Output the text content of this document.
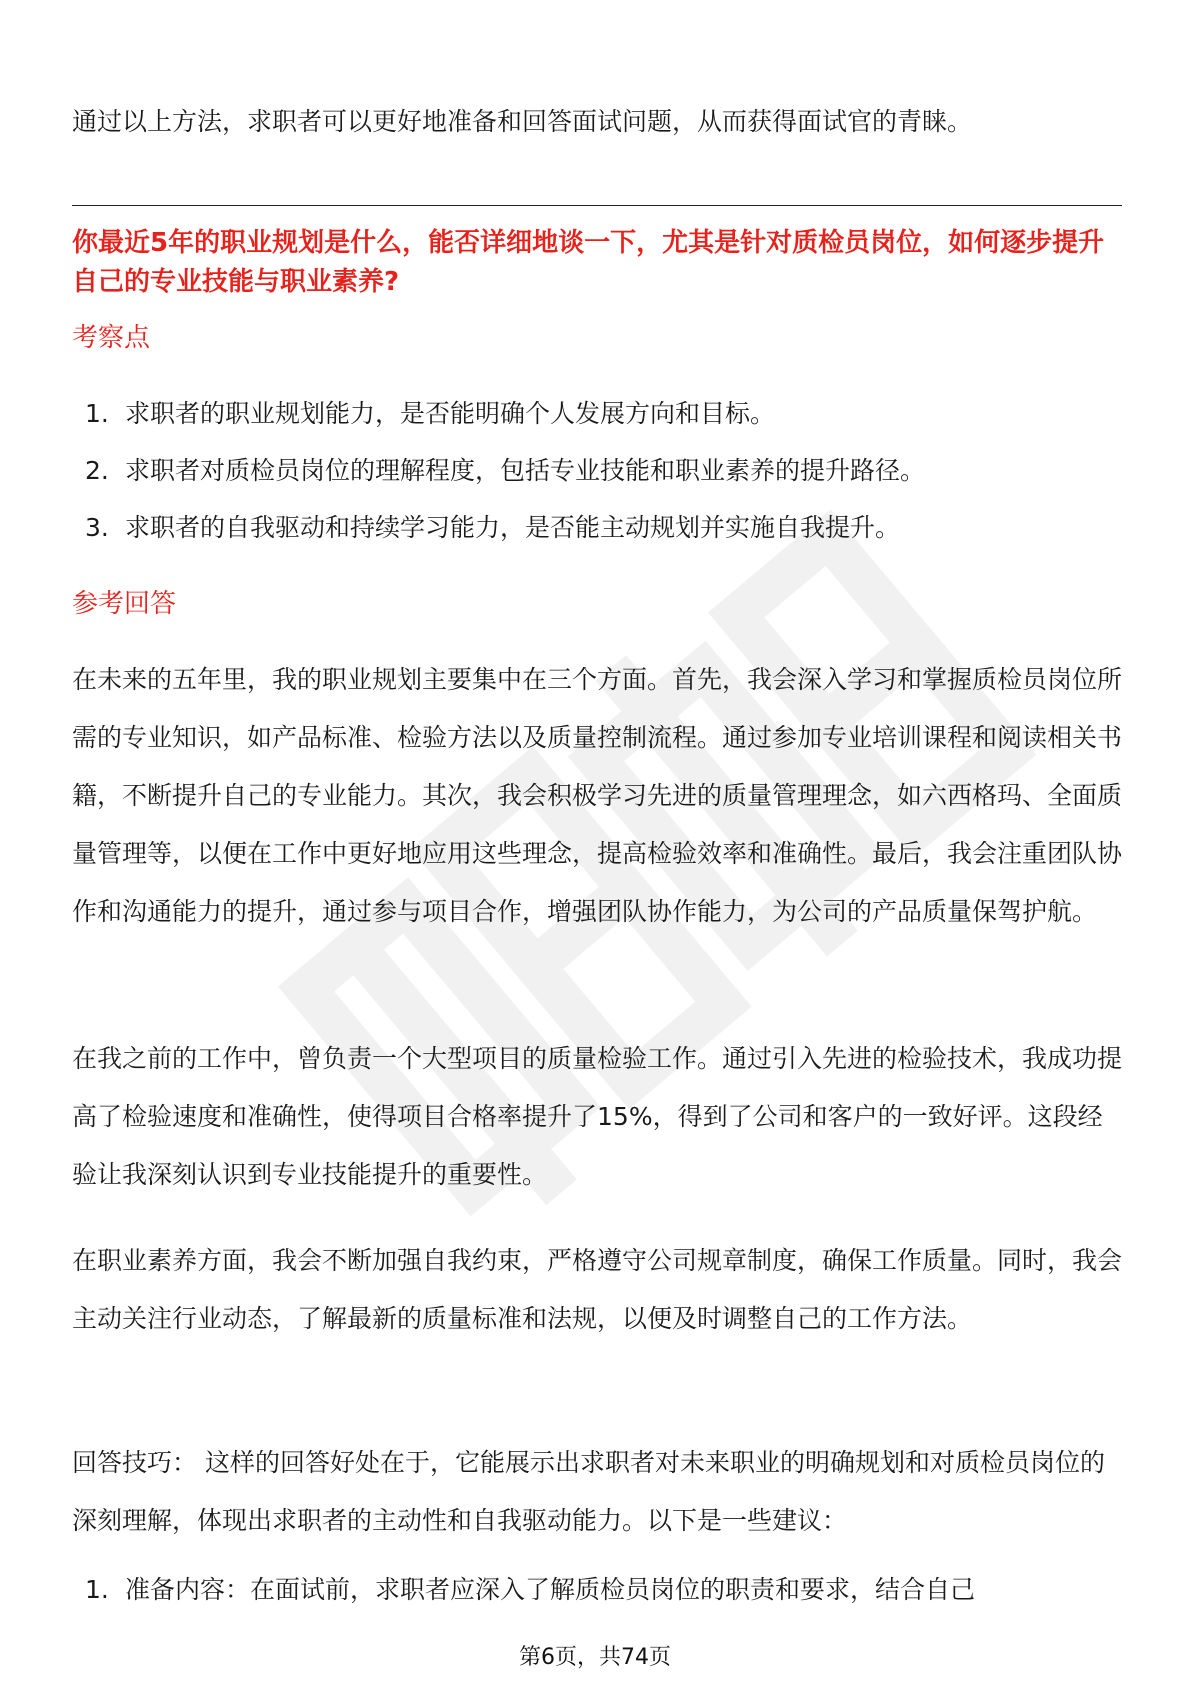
通过以上方法，求职者可以更好地准备和回答面试问题，从而获得面试官的青睐。
你最近5年的职业规划是什么，能否详细地谈一下，尤其是针对质检员岗位，如何逐步提升自己的专业技能与职业素养?
考察点
1. 求职者的职业规划能力，是否能明确个人发展方向和目标。
2. 求职者对质检员岗位的理解程度，包括专业技能和职业素养的提升路径。
3. 求职者的自我驱动和持续学习能力，是否能主动规划并实施自我提升。
参考回答

在未来的五年里，我的职业规划主要集中在三个方面。首先，我会深入学习和掌握质检员岗位所需的专业知识，如产品标准、检验方法以及质量控制流程。通过参加专业培训课程和阅读相关书籍，不断提升自己的专业能力。其次，我会积极学习先进的质量管理理念，如六西格玛、全面质量管理等，以便在工作中更好地应用这些理念，提高检验效率和准确性。最后，我会注重团队协作和沟通能力的提升，通过参与项目合作，增强团队协作能力，为公司的产品质量保驾护航。

在我之前的工作中，曾负责一个大型项目的质量检验工作。通过引入先进的检验技术，我成功提高了检验速度和准确性，使得项目合格率提升了15%，得到了公司和客户的一致好评。这段经验让我深刻认识到专业技能提升的重要性。

在职业素养方面，我会不断加强自我约束，严格遵守公司规章制度，确保工作质量。同时，我会主动关注行业动态，了解最新的质量标准和法规，以便及时调整自己的工作方法。

回答技巧： 这样的回答好处在于，它能展示出求职者对未来职业的明确规划和对质检员岗位的深刻理解，体现出求职者的主动性和自我驱动能力。以下是一些建议：

1. 准备内容：在面试前，求职者应深入了解质检员岗位的职责和要求，结合自己
第6页，共74页
